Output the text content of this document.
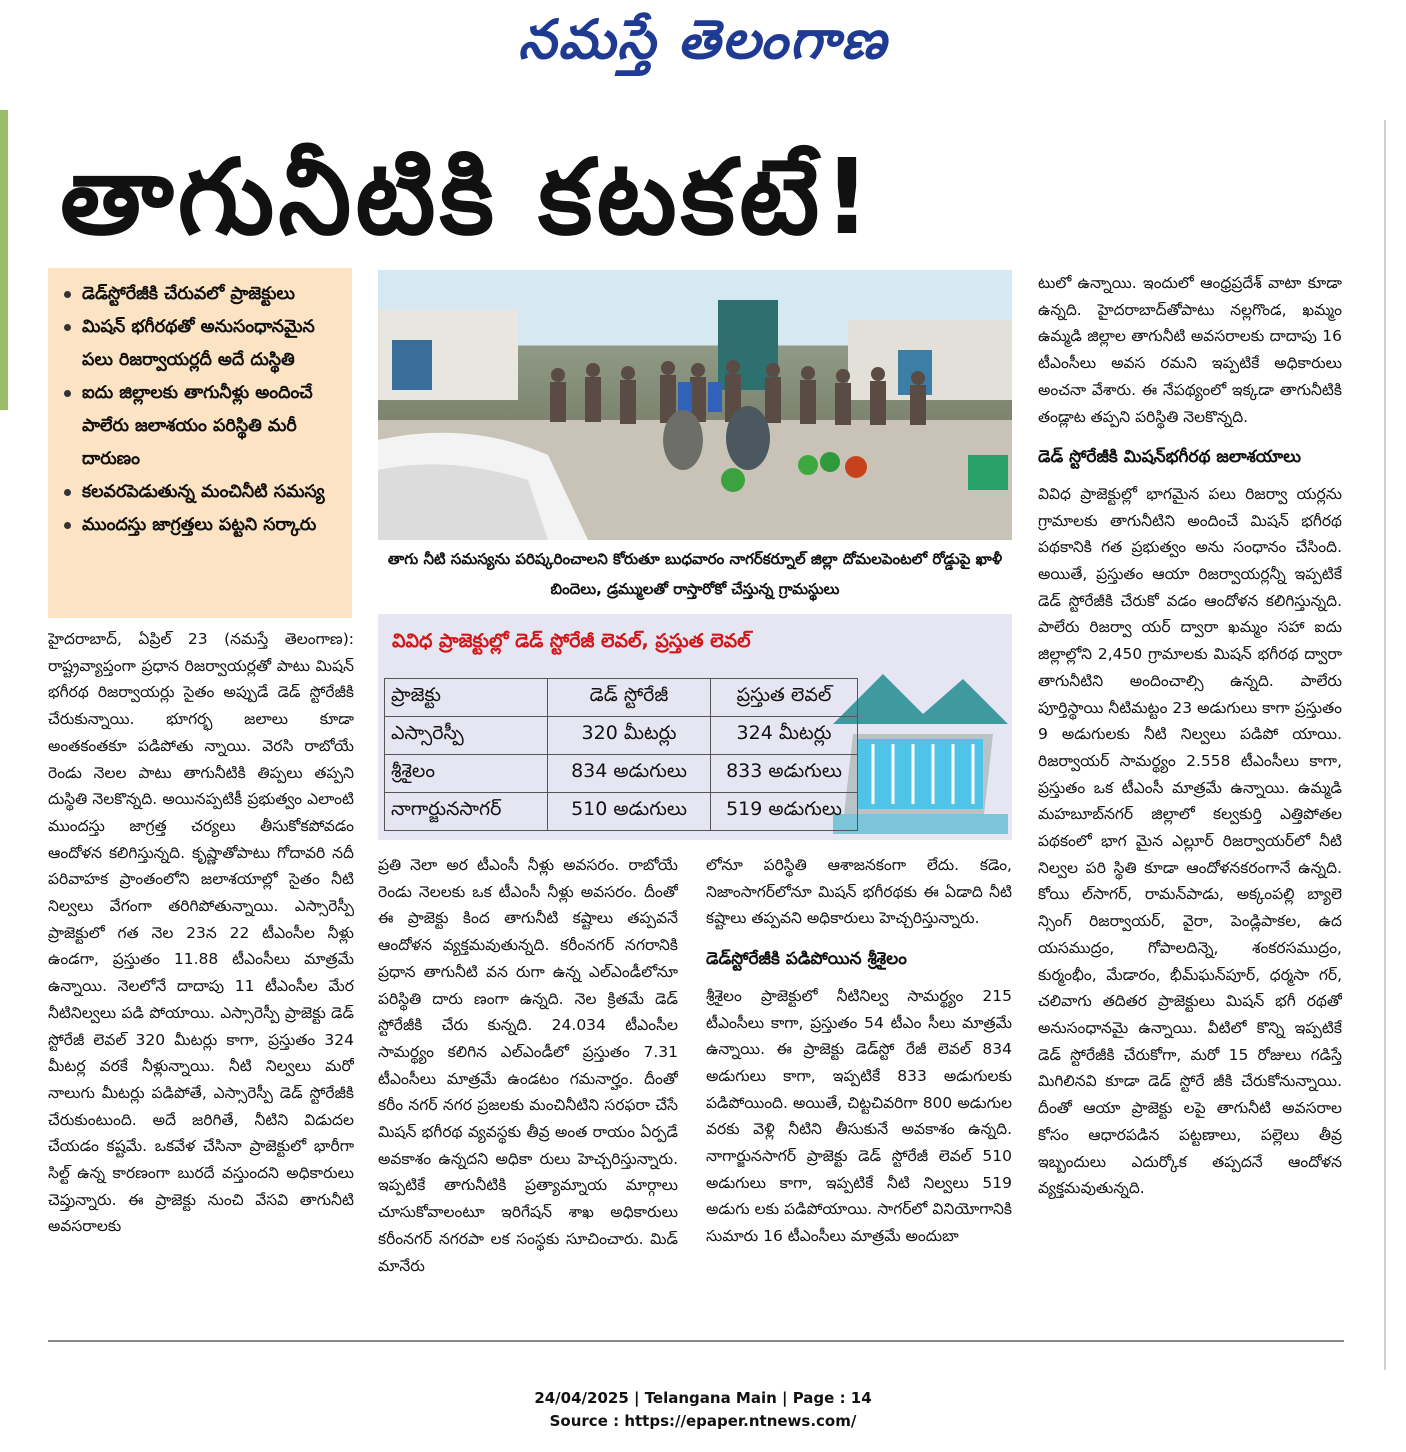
నమస్తే తెలంగాణ
తాగునీటికి కటకటే!
డెడ్‌స్టోరేజీకి చేరువలో ప్రాజెక్టులు
మిషన్ భగీరథతో అనుసంధానమైన పలు రిజర్వాయర్లదీ అదే దుస్థితి
ఐదు జిల్లాలకు తాగునీళ్లు అందించే పాలేరు జలాశయం పరిస్థితి మరీ దారుణం
కలవరపెడుతున్న మంచినీటి సమస్య
ముందస్తు జాగ్రత్తలు పట్టని సర్కారు
తాగు నీటి సమస్యను పరిష్కరించాలని కోరుతూ బుధవారం నాగర్‌కర్నూల్ జిల్లా దోమలపెంటలో రోడ్డుపై ఖాళీ బిందెలు, డ్రమ్ములతో రాస్తారోకో చేస్తున్న గ్రామస్థులు
వివిధ ప్రాజెక్టుల్లో డెడ్ స్టోరేజీ లెవల్, ప్రస్తుత లెవల్
ప్రాజెక్టు	డెడ్ స్టోరేజీ	ప్రస్తుత లెవల్
ఎస్సారెస్పీ	320 మీటర్లు	324 మీటర్లు
శ్రీశైలం	834 అడుగులు	833 అడుగులు
నాగార్జునసాగర్	510 అడుగులు	519 అడుగులు

హైదరాబాద్, ఏప్రిల్ 23 (నమస్తే తెలంగాణ): రాష్ట్రవ్యాప్తంగా ప్రధాన రిజర్వాయర్లతో పాటు మిషన్ భగీరథ రిజర్వాయర్లు సైతం అప్పుడే డెడ్ స్టోరేజీకి చేరుకున్నాయి. భూగర్భ జలాలు కూడా అంతకంతకూ పడిపోతు న్నాయి. వెరసి రాబోయే రెండు నెలల పాటు తాగునీటికి తిప్పలు తప్పని దుస్థితి నెలకొన్నది. అయినప్పటికీ ప్రభుత్వం ఎలాంటి ముందస్తు జాగ్రత్త చర్యలు తీసుకోకపోవడం ఆందోళన కలిగిస్తున్నది. కృష్ణాతోపాటు గోదావరి నదీ పరివాహక ప్రాంతంలోని జలాశయాల్లో సైతం నీటి నిల్వలు వేగంగా తరిగిపోతున్నాయి. ఎస్సారెస్పీ ప్రాజెక్టులో గత నెల 23న 22 టీఎంసీల నీళ్లు ఉండగా, ప్రస్తుతం 11.88 టీఎంసీలు మాత్రమే ఉన్నాయి. నెలలోనే దాదాపు 11 టీఎంసీల మేర నీటినిల్వలు పడి పోయాయి. ఎస్సారెస్పీ ప్రాజెక్టు డెడ్ స్టోరేజీ లెవల్ 320 మీటర్లు కాగా, ప్రస్తుతం 324 మీటర్ల వరకే నీళ్లున్నాయి. నీటి నిల్వలు మరో నాలుగు మీటర్లు పడిపోతే, ఎస్సారెస్పీ డెడ్ స్టోరేజీకి చేరుకుంటుంది. అదే జరిగితే, నీటిని విడుదల చేయడం కష్టమే. ఒకవేళ చేసినా ప్రాజెక్టులో భారీగా సిల్ట్ ఉన్న కారణంగా బురదే వస్తుందని అధికారులు చెప్తున్నారు. ఈ ప్రాజెక్టు నుంచి వేసవి తాగునీటి అవసరాలకు

ప్రతి నెలా అర టీఎంసీ నీళ్లు అవసరం. రాబోయే రెండు నెలలకు ఒక టీఎంసీ నీళ్లు అవసరం. దీంతో ఈ ప్రాజెక్టు కింద తాగునీటి కష్టాలు తప్పవనే ఆందోళన వ్యక్తమవుతున్నది. కరీంనగర్ నగరానికి ప్రధాన తాగునీటి వన రుగా ఉన్న ఎల్ఎండీలోనూ పరిస్థితి దారు ణంగా ఉన్నది. నెల క్రితమే డెడ్ స్టోరేజీకి చేరు కున్నది. 24.034 టీఎంసీల సామర్థ్యం కలిగిన ఎల్ఎండీలో ప్రస్తుతం 7.31 టీఎంసీలు మాత్రమే ఉండటం గమనార్హం. దీంతో కరీం నగర్ నగర ప్రజలకు మంచినీటిని సరఫరా చేసే మిషన్ భగీరథ వ్యవస్థకు తీవ్ర అంత రాయం ఏర్పడే అవకాశం ఉన్నదని అధికా రులు హెచ్చరిస్తున్నారు. ఇప్పటికే తాగునీటికి ప్రత్యామ్నాయ మార్గాలు చూసుకోవాలంటూ ఇరిగేషన్ శాఖ అధికారులు కరీంనగర్ నగరపా లక సంస్థకు సూచించారు. మిడ్ మానేరు

లోనూ పరిస్థితి ఆశాజనకంగా లేదు. కడెం, నిజాంసాగర్‌లోనూ మిషన్ భగీరథకు ఈ ఏడాది నీటి కష్టాలు తప్పవని అధికారులు హెచ్చరిస్తున్నారు.

డెడ్‌స్టోరేజీకి పడిపోయిన శ్రీశైలం

శ్రీశైలం ప్రాజెక్టులో నీటినిల్వ సామర్థ్యం 215 టీఎంసీలు కాగా, ప్రస్తుతం 54 టీఎం సీలు మాత్రమే ఉన్నాయి. ఈ ప్రాజెక్టు డెడ్‌స్టో రేజీ లెవల్ 834 అడుగులు కాగా, ఇప్పటికే 833 అడుగులకు పడిపోయింది. అయితే, చిట్టచివరిగా 800 అడుగుల వరకు వెళ్లి నీటిని తీసుకునే అవకాశం ఉన్నది. నాగార్జునసాగర్ ప్రాజెక్టు డెడ్ స్టోరేజీ లెవల్ 510 అడుగులు కాగా, ఇప్పటికే నీటి నిల్వలు 519 అడుగు లకు పడిపోయాయి. సాగర్‌లో వినియోగానికి సుమారు 16 టీఎంసీలు మాత్రమే అందుబా

టులో ఉన్నాయి. ఇందులో ఆంధ్రప్రదేశ్ వాటా కూడా ఉన్నది. హైదరాబాద్‌తోపాటు నల్లగొండ, ఖమ్మం ఉమ్మడి జిల్లాల తాగునీటి అవసరాలకు దాదాపు 16 టీఎంసీలు అవస రమని ఇప్పటికే అధికారులు అంచనా వేశారు. ఈ నేపథ్యంలో ఇక్కడా తాగునీటికి తండ్లాట తప్పని పరిస్థితి నెలకొన్నది.

డెడ్ స్టోరేజీకి మిషన్‌భగీరథ జలాశయాలు

వివిధ ప్రాజెక్టుల్లో భాగమైన పలు రిజర్వా యర్లను గ్రామాలకు తాగునీటిని అందించే మిషన్ భగీరథ పథకానికి గత ప్రభుత్వం అను సంధానం చేసింది. అయితే, ప్రస్తుతం ఆయా రిజర్వాయర్లన్నీ ఇప్పటికే డెడ్ స్టోరేజీకి చేరుకో వడం ఆందోళన కలిగిస్తున్నది. పాలేరు రిజర్వా యర్ ద్వారా ఖమ్మం సహా ఐదు జిల్లాల్లోని 2,450 గ్రామాలకు మిషన్ భగీరథ ద్వారా తాగునీటిని అందించాల్సి ఉన్నది. పాలేరు పూర్తిస్థాయి నీటిమట్టం 23 అడుగులు కాగా ప్రస్తుతం 9 అడుగులకు నీటి నిల్వలు పడిపో యాయి. రిజర్వాయర్ సామర్థ్యం 2.558 టీఎంసీలు కాగా, ప్రస్తుతం ఒక టీఎంసీ మాత్రమే ఉన్నాయి. ఉమ్మడి మహబూబ్‌నగర్ జిల్లాలో కల్వకుర్తి ఎత్తిపోతల పథకంలో భాగ మైన ఎల్లూర్ రిజర్వాయర్‌లో నీటి నిల్వల పరి స్థితి కూడా ఆందోళనకరంగానే ఉన్నది. కోయి ల్‌సాగర్, రామన్‌పాడు, అక్కంపల్లి బ్యాలె న్సింగ్ రిజర్వాయర్, వైరా, పెండ్లిపాకల, ఉద యసముద్రం, గోపాలదిన్నె, శంకరసముద్రం, కుర్మంభీం, మేడారం, భీమ్‌ఘన్‌పూర్, ధర్మసా గర్, చలివాగు తదితర ప్రాజెక్టులు మిషన్ భగీ రథతో అనుసంధానమై ఉన్నాయి. వీటిలో కొన్ని ఇప్పటికే డెడ్ స్టోరేజీకి చేరుకోగా, మరో 15 రోజులు గడిస్తే మిగిలినవి కూడా డెడ్ స్టోరే జీకి చేరుకోనున్నాయి. దీంతో ఆయా ప్రాజెక్టు లపై తాగునీటి అవసరాల కోసం ఆధారపడిన పట్టణాలు, పల్లెలు తీవ్ర ఇబ్బందులు ఎదుర్కోక తప్పదనే ఆందోళన వ్యక్తమవుతున్నది.

24/04/2025 | Telangana Main | Page : 14
Source : https://epaper.ntnews.com/
